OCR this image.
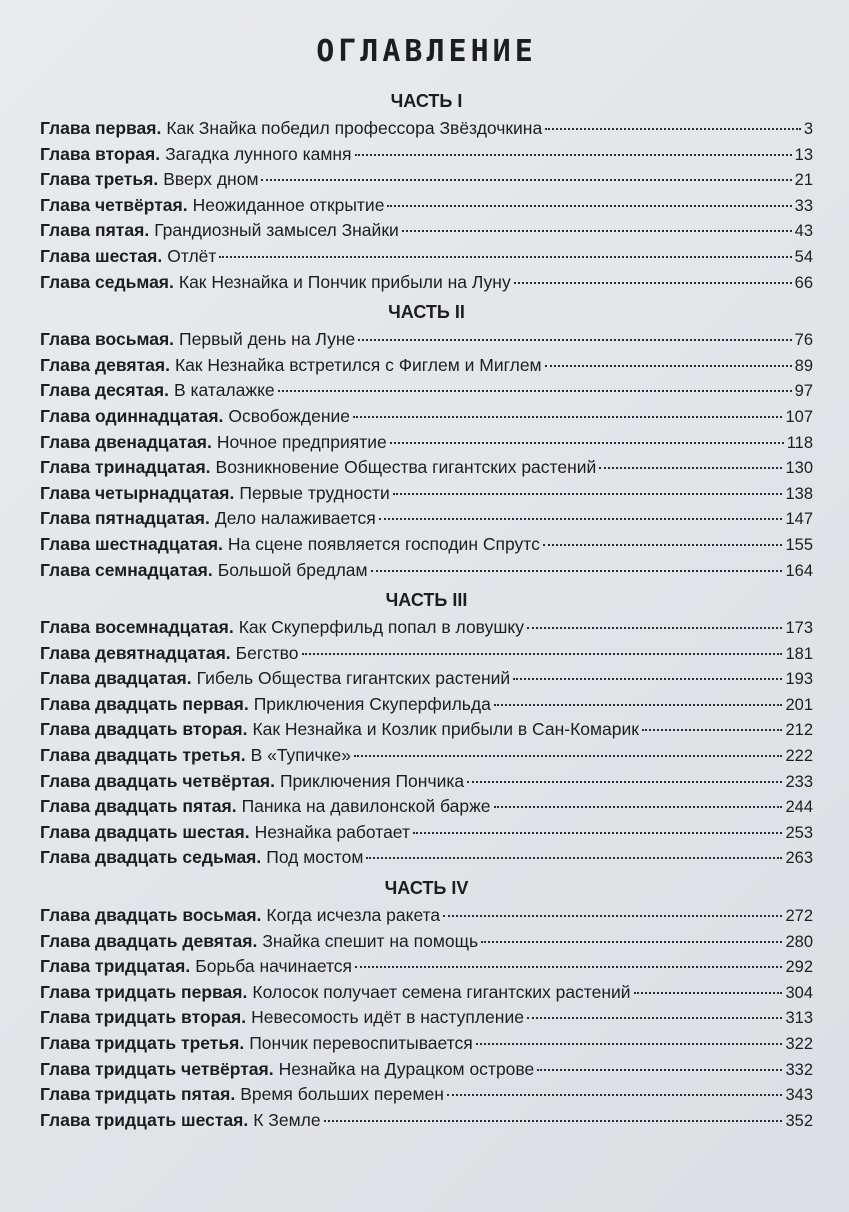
ОГЛАВЛЕНИЕ
ЧАСТЬ I
Глава первая. Как Знайка победил профессора Звёздочкина	3
Глава вторая. Загадка лунного камня	13
Глава третья. Вверх дном	21
Глава четвёртая. Неожиданное открытие	33
Глава пятая. Грандиозный замысел Знайки	43
Глава шестая. Отлёт	54
Глава седьмая. Как Незнайка и Пончик прибыли на Луну	66
ЧАСТЬ II
Глава восьмая. Первый день на Луне	76
Глава девятая. Как Незнайка встретился с Фиглем и Миглем	89
Глава десятая. В каталажке	97
Глава одиннадцатая. Освобождение	107
Глава двенадцатая. Ночное предприятие	118
Глава тринадцатая. Возникновение Общества гигантских растений	130
Глава четырнадцатая. Первые трудности	138
Глава пятнадцатая. Дело налаживается	147
Глава шестнадцатая. На сцене появляется господин Спрутс	155
Глава семнадцатая. Большой бредлам	164
ЧАСТЬ III
Глава восемнадцатая. Как Скуперфильд попал в ловушку	173
Глава девятнадцатая. Бегство	181
Глава двадцатая. Гибель Общества гигантских растений	193
Глава двадцать первая. Приключения Скуперфильда	201
Глава двадцать вторая. Как Незнайка и Козлик прибыли в Сан-Комарик	212
Глава двадцать третья. В «Тупичке»	222
Глава двадцать четвёртая. Приключения Пончика	233
Глава двадцать пятая. Паника на давилонской барже	244
Глава двадцать шестая. Незнайка работает	253
Глава двадцать седьмая. Под мостом	263
ЧАСТЬ IV
Глава двадцать восьмая. Когда исчезла ракета	272
Глава двадцать девятая. Знайка спешит на помощь	280
Глава тридцатая. Борьба начинается	292
Глава тридцать первая. Колосок получает семена гигантских растений	304
Глава тридцать вторая. Невесомость идёт в наступление	313
Глава тридцать третья. Пончик перевоспитывается	322
Глава тридцать четвёртая. Незнайка на Дурацком острове	332
Глава тридцать пятая. Время больших перемен	343
Глава тридцать шестая. К Земле	352
